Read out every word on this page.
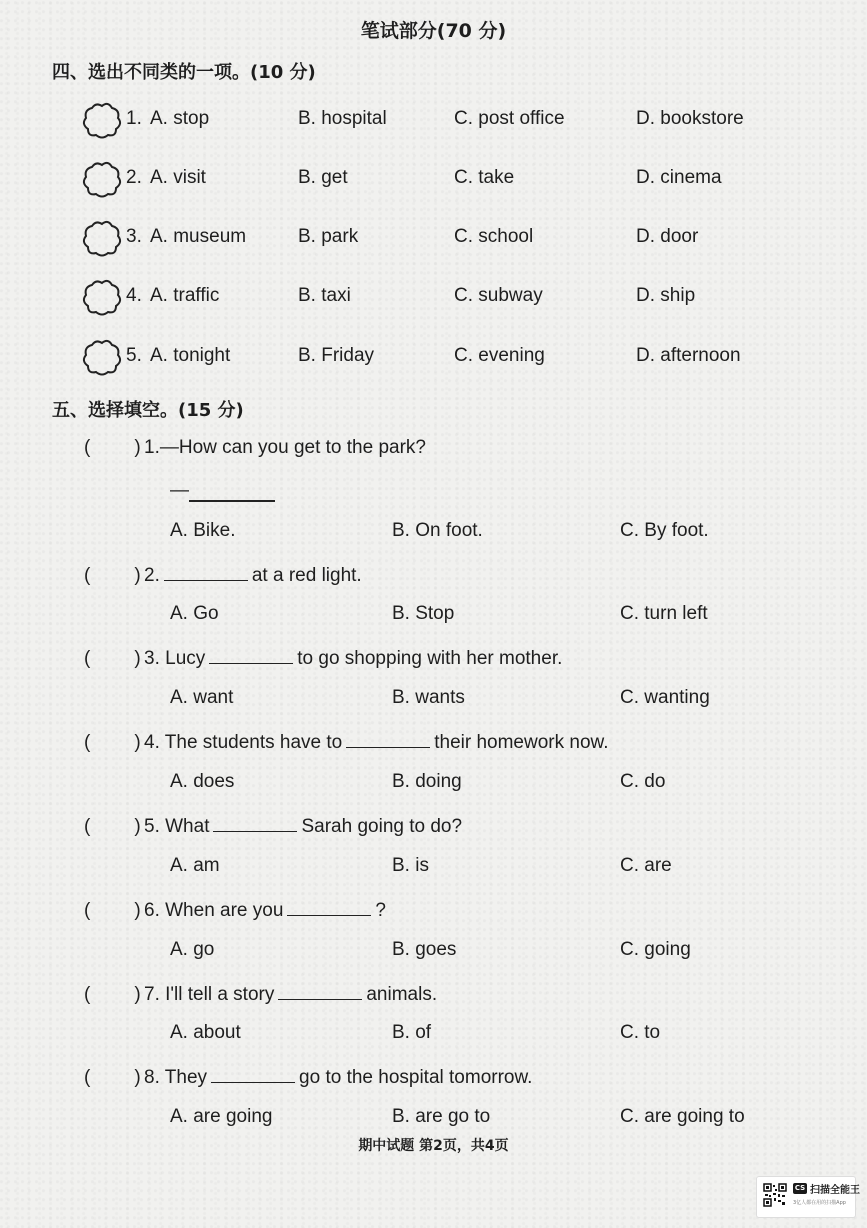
笔试部分(70 分)
四、选出不同类的一项。(10 分)
1. A. stop	B. hospital	C. post office	D. bookstore
2. A. visit	B. get	C. take	D. cinema
3. A. museum	B. park	C. school	D. door
4. A. traffic	B. taxi	C. subway	D. ship
5. A. tonight	B. Friday	C. evening	D. afternoon
五、选择填空。(15 分)
( ) 1.—How can you get to the park?
—
A. Bike.	B. On foot.	C. By foot.
( ) 2.	at a red light.
A. Go	B. Stop	C. turn left
( ) 3. Lucy	to go shopping with her mother.
A. want	B. wants	C. wanting
( ) 4. The students have to	their homework now.
A. does	B. doing	C. do
( ) 5. What	Sarah going to do?
A. am	B. is	C. are
( ) 6. When are you	?
A. go	B. goes	C. going
( ) 7. I'll tell a story	animals.
A. about	B. of	C. to
( ) 8. They	go to the hospital tomorrow.
A. are going	B. are go to	C. are going to
期中试题 第2页，共4页
CS 扫描全能王
3亿人都在用的扫描App
